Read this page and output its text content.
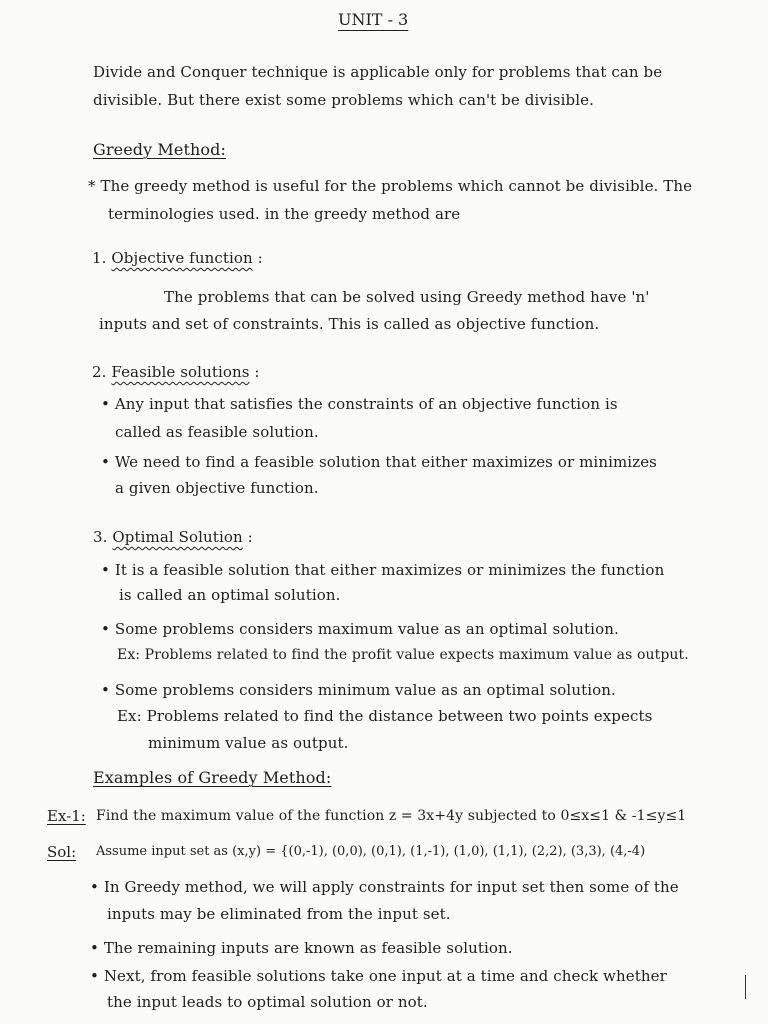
UNIT - 3
Divide and Conquer technique is applicable only for problems that can be
divisible. But there exist some problems which can't be divisible.
Greedy Method:
* The greedy method is useful for the problems which cannot be divisible. The
terminologies used. in the greedy method are
1. Objective function :
The problems that can be solved using Greedy method have 'n'
inputs and set of constraints. This is called as objective function.
2. Feasible solutions :
• Any input that satisfies the constraints of an objective function is
called as feasible solution.
• We need to find a feasible solution that either maximizes or minimizes
a given objective function.
3. Optimal Solution :
• It is a feasible solution that either maximizes or minimizes the function
is called an optimal solution.
• Some problems considers maximum value as an optimal solution.
Ex: Problems related to find the profit value expects maximum value as output.
• Some problems considers minimum value as an optimal solution.
Ex: Problems related to find the distance between two points expects
minimum value as output.
Examples of Greedy Method:
Ex-1: Find the maximum value of the function z = 3x+4y subjected to 0≤x≤1 & -1≤y≤1
Sol: Assume input set as (x,y) = {(0,-1), (0,0), (0,1), (1,-1), (1,0), (1,1), (2,2), (3,3), (4,-4)
• In Greedy method, we will apply constraints for input set then some of the
inputs may be eliminated from the input set.
• The remaining inputs are known as feasible solution.
• Next, from feasible solutions take one input at a time and check whether
the input leads to optimal solution or not.
